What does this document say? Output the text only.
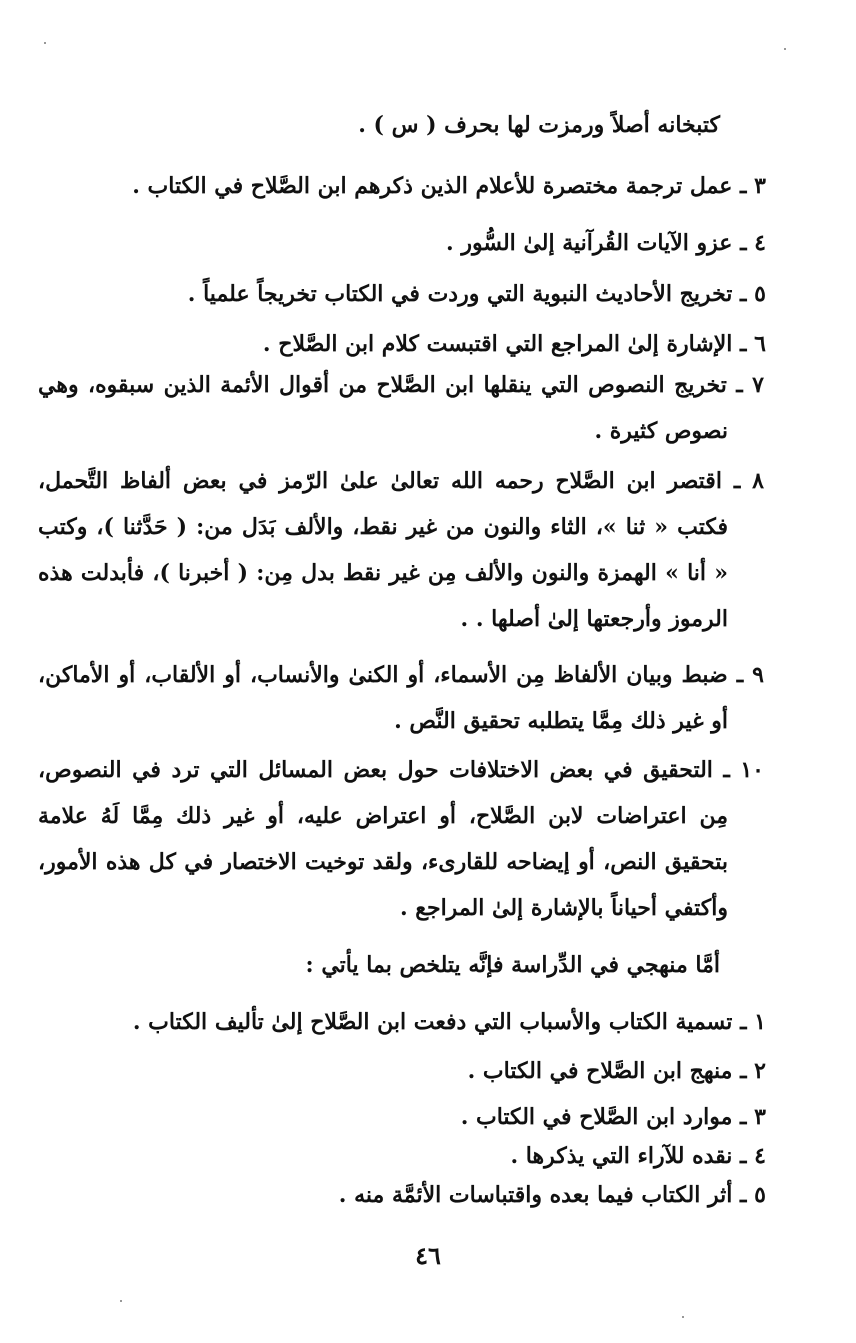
كتبخانه أصلاً ورمزت لها بحرف ( س ) .
٣ ـ عمل ترجمة مختصرة للأعلام الذين ذكرهم ابن الصَّلاح في الكتاب .
٤ ـ عزو الآيات القُرآنية إلىٰ السُّور .
٥ ـ تخريج الأحاديث النبوية التي وردت في الكتاب تخريجاً علمياً .
٦ ـ الإشارة إلىٰ المراجع التي اقتبست كلام ابن الصَّلاح .
٧ ـ تخريج النصوص التي ينقلها ابن الصَّلاح من أقوال الأئمة الذين سبقوه، وهي نصوص كثيرة .
٨ ـ اقتصر ابن الصَّلاح رحمه الله تعالىٰ علىٰ الرّمز في بعض ألفاظ التَّحمل، فكتب « ثنا »، الثاء والنون من غير نقط، والألف بَدَل من: ( حَدَّثنا )، وكتب « أنا » الهمزة والنون والألف مِن غير نقط بدل مِن: ( أخبرنا )، فأبدلت هذه الرموز وأرجعتها إلىٰ أصلها . .
٩ ـ ضبط وبيان الألفاظ مِن الأسماء، أو الكنىٰ والأنساب، أو الألقاب، أو الأماكن، أو غير ذلك مِمَّا يتطلبه تحقيق النَّص .
١٠ ـ التحقيق في بعض الاختلافات حول بعض المسائل التي ترد في النصوص، مِن اعتراضات لابن الصَّلاح، أو اعتراض عليه، أو غير ذلك مِمَّا لَهُ علامة بتحقيق النص، أو إيضاحه للقارىء، ولقد توخيت الاختصار في كل هذه الأمور، وأكتفي أحياناً بالإشارة إلىٰ المراجع .
أمَّا منهجي في الدِّراسة فإنَّه يتلخص بما يأتي :
١ ـ تسمية الكتاب والأسباب التي دفعت ابن الصَّلاح إلىٰ تأليف الكتاب .
٢ ـ منهج ابن الصَّلاح في الكتاب .
٣ ـ موارد ابن الصَّلاح في الكتاب .
٤ ـ نقده للآراء التي يذكرها .
٥ ـ أثر الكتاب فيما بعده واقتباسات الأئمَّة منه .
٤٦
